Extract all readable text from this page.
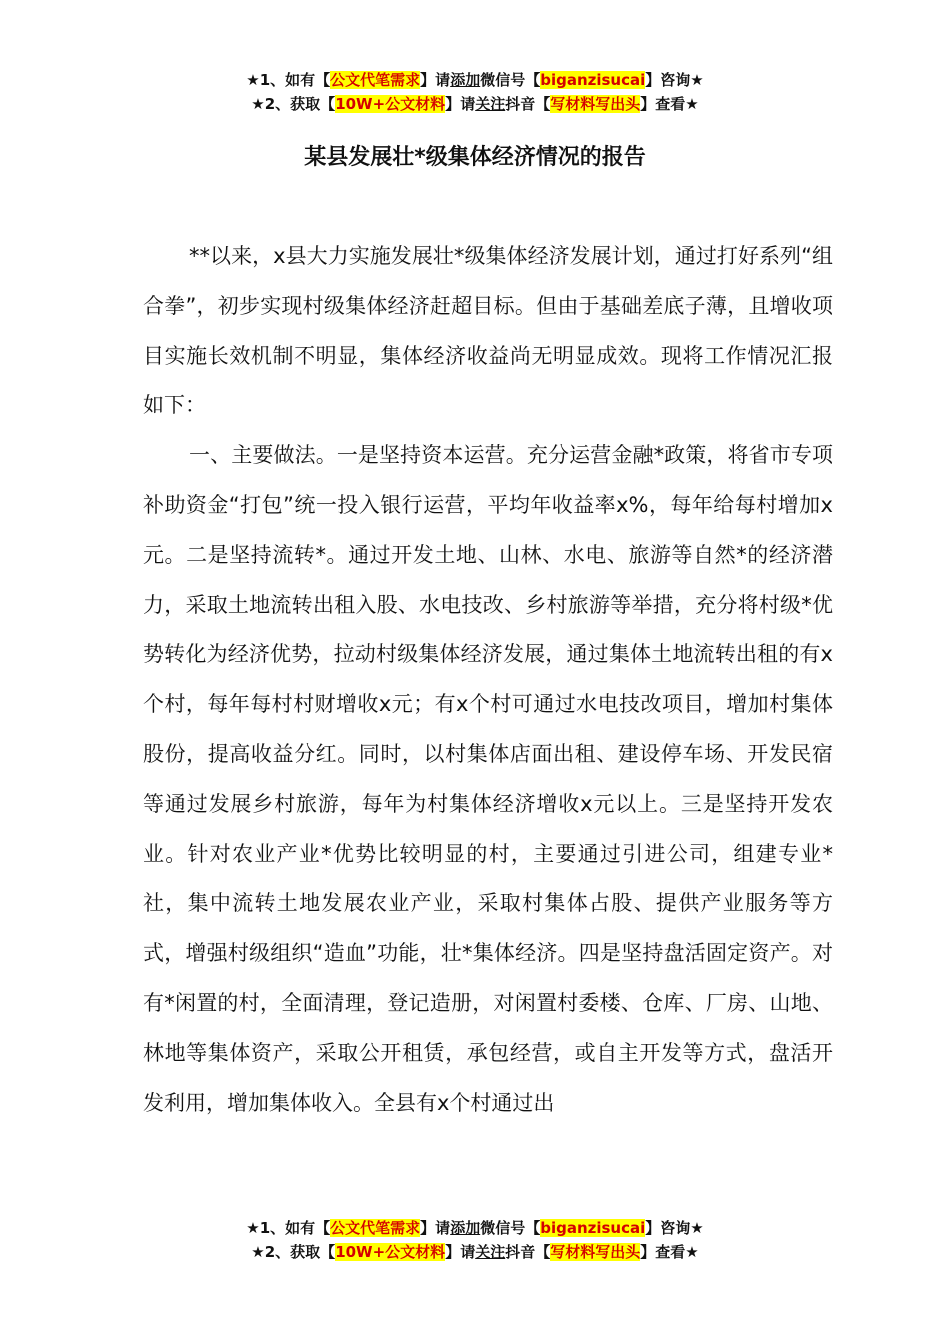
★1、如有【公文代笔需求】请添加微信号【biganzisucai】咨询★
★2、获取【10W+公文材料】请关注抖音【写材料写出头】查看★
某县发展壮*级集体经济情况的报告

**以来，x县大力实施发展壮*级集体经济发展计划，通过打好系列“组合拳”，初步实现村级集体经济赶超目标。但由于基础差底子薄，且增收项目实施长效机制不明显，集体经济收益尚无明显成效。现将工作情况汇报如下：

一、主要做法。一是坚持资本运营。充分运营金融*政策，将省市专项补助资金“打包”统一投入银行运营，平均年收益率x%，每年给每村增加x元。二是坚持流转*。通过开发土地、山林、水电、旅游等自然*的经济潜力，采取土地流转出租入股、水电技改、乡村旅游等举措，充分将村级*优势转化为经济优势，拉动村级集体经济发展，通过集体土地流转出租的有x个村，每年每村村财增收x元；有x个村可通过水电技改项目，增加村集体股份，提高收益分红。同时，以村集体店面出租、建设停车场、开发民宿等通过发展乡村旅游，每年为村集体经济增收x元以上。三是坚持开发农业。针对农业产业*优势比较明显的村，主要通过引进公司，组建专业*社，集中流转土地发展农业产业，采取村集体占股、提供产业服务等方式，增强村级组织“造血”功能，壮*集体经济。四是坚持盘活固定资产。对有*闲置的村，全面清理，登记造册，对闲置村委楼、仓库、厂房、山地、林地等集体资产，采取公开租赁，承包经营，或自主开发等方式，盘活开发利用，增加集体收入。全县有x个村通过出

★1、如有【公文代笔需求】请添加微信号【biganzisucai】咨询★
★2、获取【10W+公文材料】请关注抖音【写材料写出头】查看★
